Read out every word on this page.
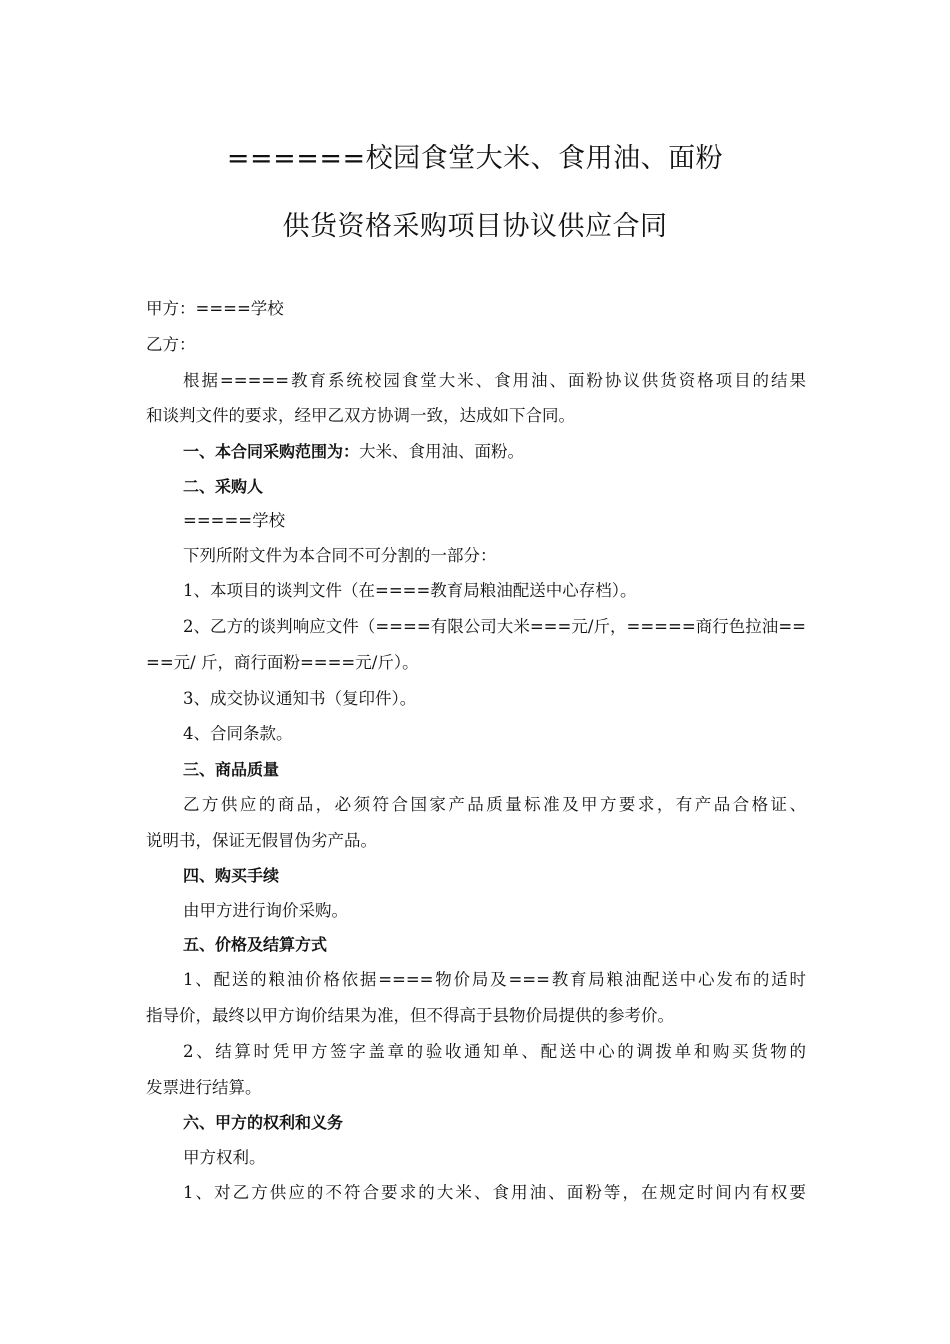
======校园食堂大米、食用油、面粉
供货资格采购项目协议供应合同
甲方：====学校
乙方：
根据=====教育系统校园食堂大米、食用油、面粉协议供货资格项目的结果
和谈判文件的要求，经甲乙双方协调一致，达成如下合同。
一、本合同采购范围为：大米、食用油、面粉。
二、采购人
=====学校
下列所附文件为本合同不可分割的一部分：
1、本项目的谈判文件（在====教育局粮油配送中心存档）。
2、乙方的谈判响应文件（====有限公司大米===元/斤，=====商行色拉油==
==元/ 斤，商行面粉====元/斤）。
3、成交协议通知书（复印件）。
4、合同条款。
三、商品质量
乙方供应的商品，必须符合国家产品质量标准及甲方要求，有产品合格证、
说明书，保证无假冒伪劣产品。
四、购买手续
由甲方进行询价采购。
五、价格及结算方式
1、配送的粮油价格依据====物价局及===教育局粮油配送中心发布的适时
指导价，最终以甲方询价结果为准，但不得高于县物价局提供的参考价。
2、结算时凭甲方签字盖章的验收通知单、配送中心的调拨单和购买货物的
发票进行结算。
六、甲方的权利和义务
甲方权利。
1、对乙方供应的不符合要求的大米、食用油、面粉等，在规定时间内有权要
